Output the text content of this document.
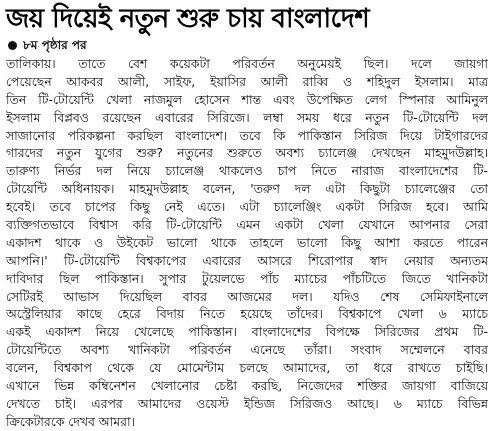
জয় দিয়েই নতুন শুরু চায় বাংলাদেশ
৮ম পৃষ্ঠার পর
তালিকায়। তাতে বেশ কয়েকটা পরিবর্তন অনুমেয়ই ছিল। দলে জায়গা
পেয়েছেন আকবর আলী, সাইফ, ইয়াসির আলী রাব্বি ও শহিদুল ইসলাম। মাত্র
তিন টি-টোয়েন্টি খেলা নাজমুল হোসেন শান্ত এবং উপেক্ষিত লেগ স্পিনার আমিনুল
ইসলাম বিপ্লবও রয়েছেন এবারের সিরিজে। লম্বা সময় ধরে নতুন টি-টোয়েন্টি দল
সাজানোর পরিকল্পনা করছিল বাংলাদেশ। তবে কি পাকিস্তান সিরিজ দিয়ে টাইগারদের
গারদের নতুন যুগের শুরু? নতুনের শুরুতে অবশ্য চ্যালেঞ্জ দেখছেন মাহমুদউল্লাহ।
তারুণ্য নির্ভর দল নিয়ে চ্যালেঞ্জ থাকলেও চাপ নিতে নারাজ বাংলাদেশের টি-
টোয়েন্টি অধিনায়ক। মাহমুদউল্লাহ বলেন, 'তরুণ দল এটা কিছুটা চ্যালেঞ্জের তো
হবেই। তবে চাপের কিছু নেই এতে। এটা চ্যালেঞ্জিং একটা সিরিজ হবে। আমি
ব্যক্তিগতভাবে বিশ্বাস করি টি-টোয়েন্টি এমন একটা খেলা যেখানে আপনার সেরা
একাদশ থাকে ও উইকেট ভালো থাকে তাহলে ভালো কিছু আশা করতে পারেন
আপনি।' টি-টোয়েন্টি বিশ্বকাপের এবারের আসরে শিরোপার স্বাদ নেয়ার অন্যতম
দাবিদার ছিল পাকিস্তান। সুপার টুয়েলভে পাঁচ ম্যাচের পাঁচটিতে জিতে খানিকটা
সেটিরই আভাস দিয়েছিল বাবর আজমের দল। যদিও শেষ সেমিফাইনালে
অস্ট্রেলিয়ার কাছে হেরে বিদায় নিতে হয়েছে তাঁদের। বিশ্বকাপে খেলা ৬ ম্যাচে
একই একাদশ নিয়ে খেলেছে পাকিস্তান। বাংলাদেশের বিপক্ষে সিরিজের প্রথম টি-
টোয়েন্টিতে অবশ্য খানিকটা পরিবর্তন এনেছে তাঁরা। সংবাদ সম্মেলনে বাবর
বলেন, বিশ্বকাপ থেকে যে মোমেন্টাম চলছে আমাদের, তা ধরে রাখতে চাইছি।
এখানে ভিন্ন কম্বিনেশন খেলানোর চেষ্টা করছি, নিজেদের শক্তির জায়গা বাজিয়ে
দেখতে চাই। এরপর আমাদের ওয়েস্ট ইন্ডিজ সিরিজও আছে। ৬ ম্যাচে বিভিন্ন
ক্রিকেটারকে দেখব আমরা।
